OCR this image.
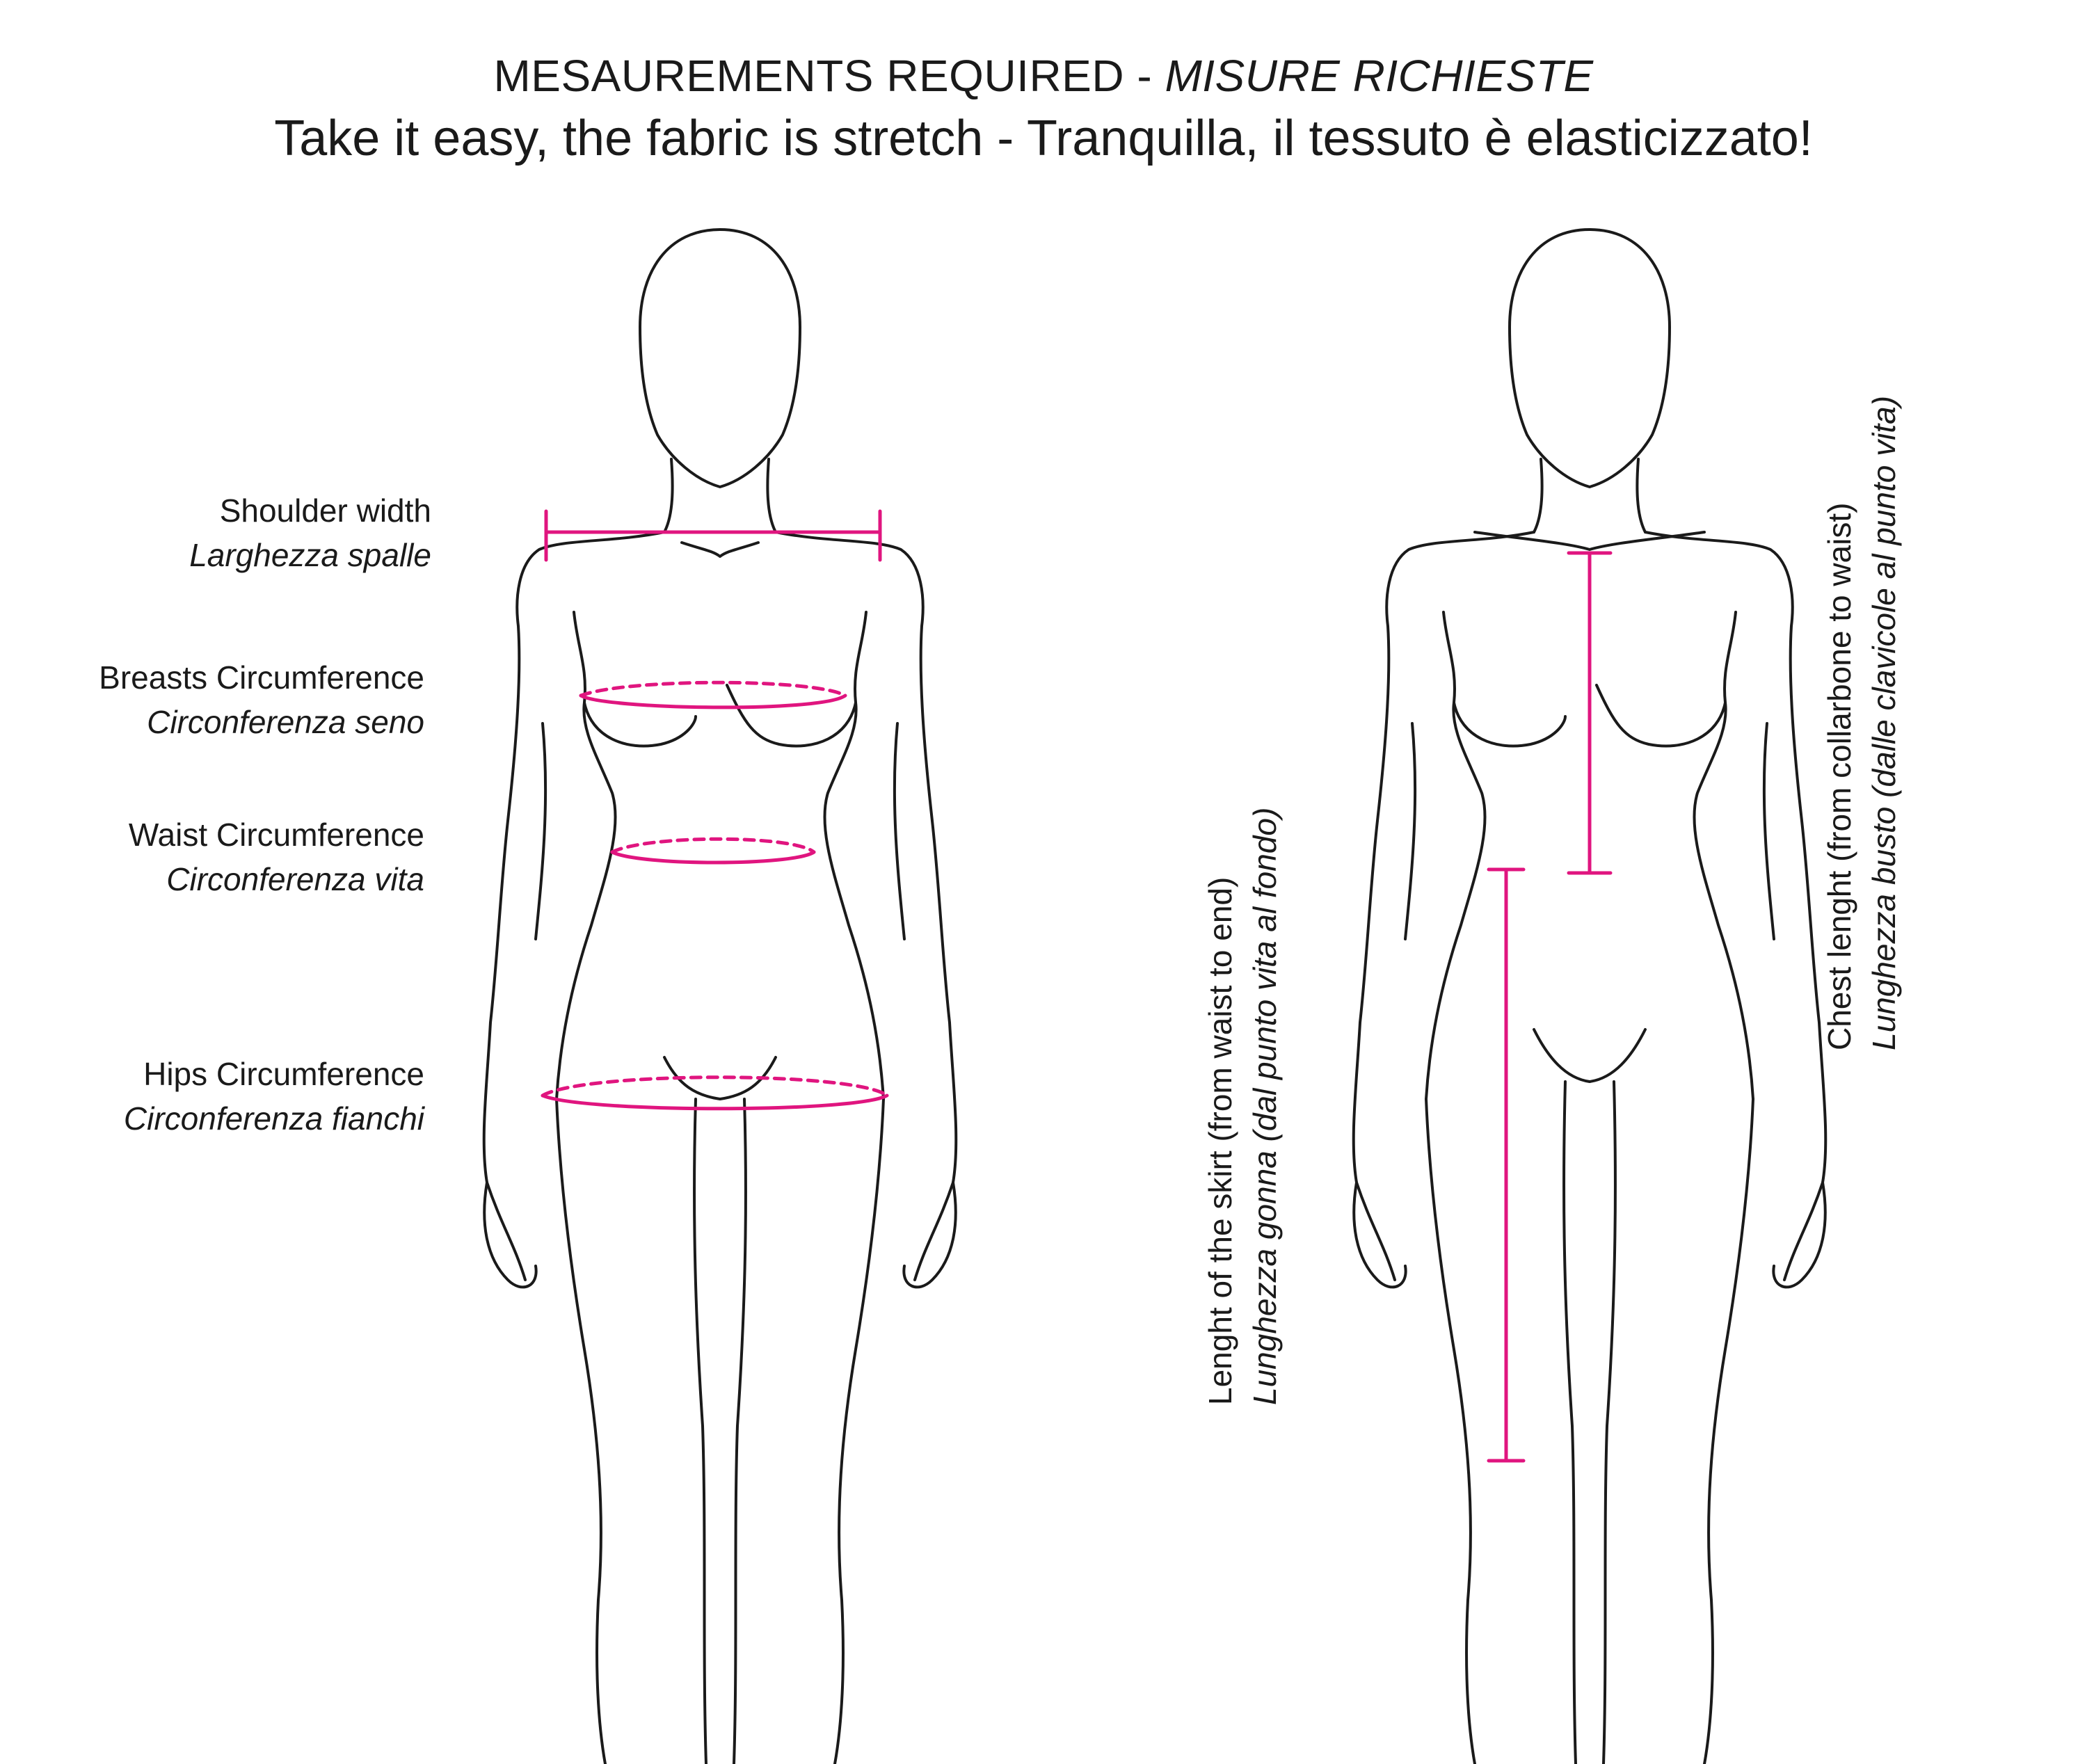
MESAUREMENTS REQUIRED - MISURE RICHIESTE
Take it easy, the fabric is stretch - Tranquilla, il tessuto è elasticizzato!
Shoulder width
Larghezza spalle
Breasts Circumference
Circonferenza seno
Waist Circumference
Circonferenza vita
Hips Circumference
Circonferenza fianchi	Lenght of the skirt (from waist to end) Lunghezza gonna (dal punto vita al fondo)
Chest lenght (from collarbone to waist) Lunghezza busto (dalle clavicole al punto vita)
